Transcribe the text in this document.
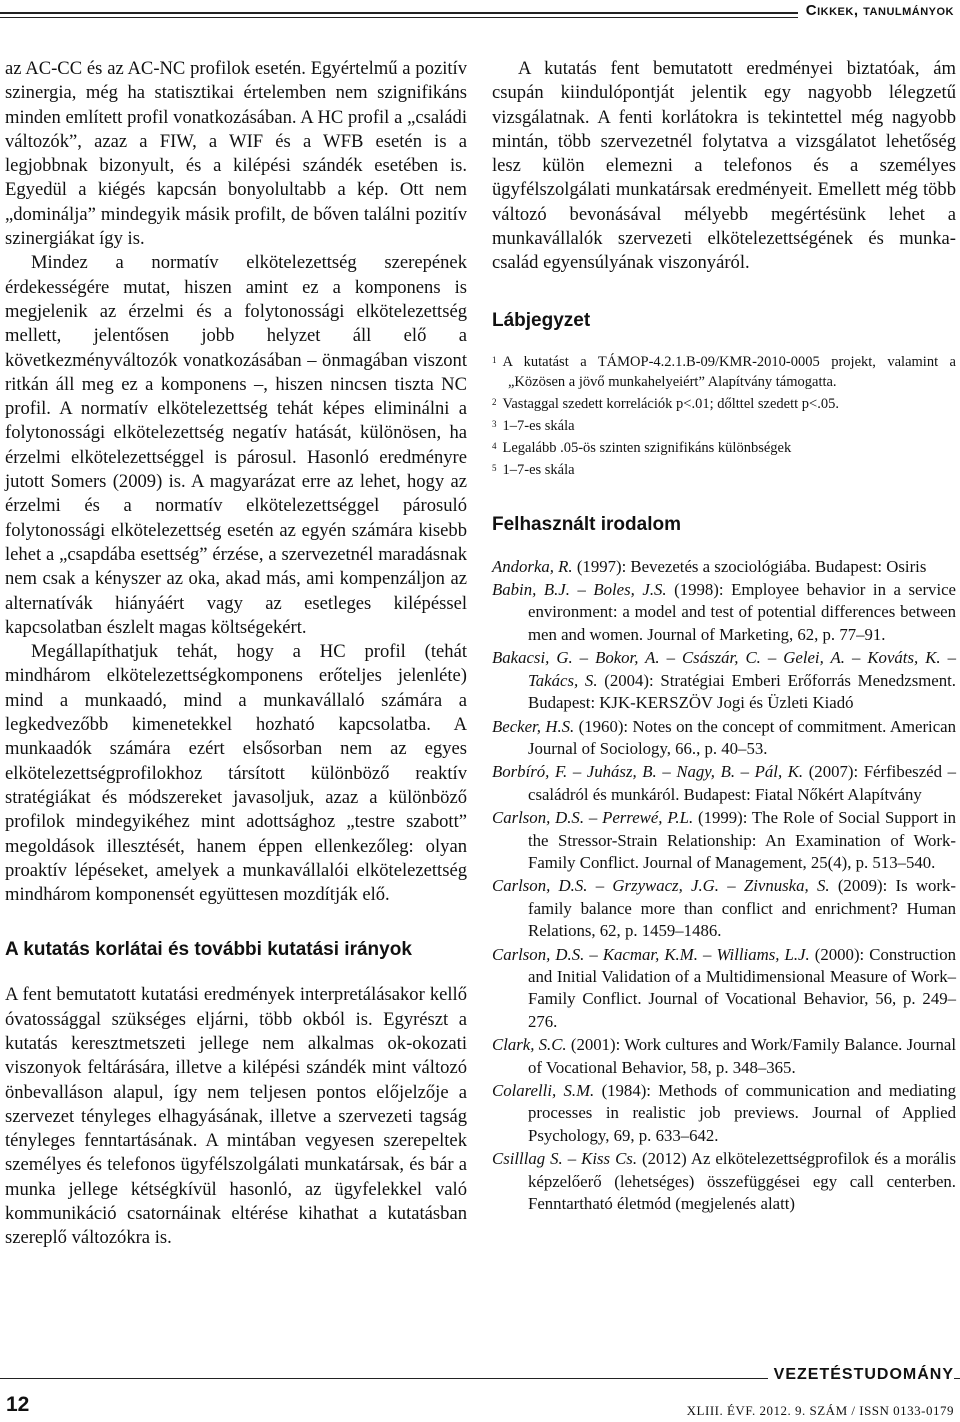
Cikkek, tanulmányok

az AC-CC és az AC-NC profilok esetén. Egyértelmű a pozitív szinergia, még ha statisztikai értelemben nem szignifikáns minden említett profil vonatkozásában. A HC profil a „családi változók”, azaz a FIW, a WIF és a WFB esetén is a legjobbnak bizonyult, és a kilépési szándék esetében is. Egyedül a kiégés kapcsán bonyolultabb a kép. Ott nem „dominálja” mindegyik másik profilt, de bőven találni pozitív szinergiákat így is.

Mindez a normatív elkötelezettség szerepének érdekességére mutat, hiszen amint ez a komponens is megjelenik az érzelmi és a folytonossági elkötelezettség mellett, jelentősen jobb helyzet áll elő a következményváltozók vonatkozásában – önmagában viszont ritkán áll meg ez a komponens –, hiszen nincsen tiszta NC profil. A normatív elkötelezettség tehát képes eliminálni a folytonossági elkötelezettség negatív hatását, különösen, ha érzelmi elkötelezettséggel is párosul. Hasonló eredményre jutott Somers (2009) is. A magyarázat erre az lehet, hogy az érzelmi és a normatív elkötelezettséggel párosuló folytonossági elkötelezettség esetén az egyén számára kisebb lehet a „csapdába esettség” érzése, a szervezetnél maradásnak nem csak a kényszer az oka, akad más, ami kompenzáljon az alternatívák hiányáért vagy az esetleges kilépéssel kapcsolatban észlelt magas költségekért.

Megállapíthatjuk tehát, hogy a HC profil (tehát mindhárom elkötelezettségkomponens erőteljes jelenléte) mind a munkaadó, mind a munkavállaló számára a legkedvezőbb kimenetekkel hozható kapcsolatba. A munkaadók számára ezért elsősorban nem az egyes elkötelezettségprofilokhoz társított különböző reaktív stratégiákat és módszereket javasoljuk, azaz a különböző profilok mindegyikéhez mint adottsághoz „testre szabott” megoldások illesztését, hanem éppen ellenkezőleg: olyan proaktív lépéseket, amelyek a munkavállalói elkötelezettség mindhárom komponensét együttesen mozdítják elő.

A kutatás korlátai és további kutatási irányok

A fent bemutatott kutatási eredmények interpretálásakor kellő óvatossággal szükséges eljárni, több okból is. Egyrészt a kutatás keresztmetszeti jellege nem alkalmas ok-okozati viszonyok feltárására, illetve a kilépési szándék mint változó önbevalláson alapul, így nem teljesen pontos előjelzője a szervezet tényleges elhagyásának, illetve a szervezeti tagság tényleges fenntartásának. A mintában vegyesen szerepeltek személyes és telefonos ügyfélszolgálati munkatársak, és bár a munka jellege kétségkívül hasonló, az ügyfelekkel való kommunikáció csatornáinak eltérése kihathat a kutatásban szereplő változókra is.

A kutatás fent bemutatott eredményei biztatóak, ám csupán kiindulópontját jelentik egy nagyobb lélegzetű vizsgálatnak. A fenti korlátokra is tekintettel még nagyobb mintán, több szervezetnél folytatva a vizsgálatot lehetőség lesz külön elemezni a telefonos és a személyes ügyfélszolgálati munkatársak eredményeit. Emellett még több változó bevonásával mélyebb megértésünk lehet a munkavállalók szervezeti elkötelezettségének és munka-család egyensúlyának viszonyáról.

Lábjegyzet

$^1$ A kutatást a TÁMOP-4.2.1.B-09/KMR-2010-0005 projekt, valamint a „Közösen a jövő munkahelyeiért” Alapítvány támogatta.

$^2$ Vastaggal szedett korrelációk p<.01; dőlttel szedett p<.05.

$^3$ 1–7-es skála

$^4$ Legalább .05-ös szinten szignifikáns különbségek

$^5$ 1–7-es skála

Felhasznált irodalom

Andorka, R. (1997): Bevezetés a szociológiába. Budapest: Osiris

Babin, B.J. – Boles, J.S. (1998): Employee behavior in a service environment: a model and test of potential differences between men and women. Journal of Marketing, 62, p. 77–91.

Bakacsi, G. – Bokor, A. – Császár, C. – Gelei, A. – Kováts, K. – Takács, S. (2004): Stratégiai Emberi Erőforrás Menedzsment. Budapest: KJK-KERSZÖV Jogi és Üzleti Kiadó

Becker, H.S. (1960): Notes on the concept of commitment. American Journal of Sociology, 66., p. 40–53.

Borbíró, F. – Juhász, B. – Nagy, B. – Pál, K. (2007): Férfibeszéd – családról és munkáról. Budapest: Fiatal Nőkért Alapítvány

Carlson, D.S. – Perrewé, P.L. (1999): The Role of Social Support in the Stressor-Strain Relationship: An Examination of Work-Family Conflict. Journal of Management, 25(4), p. 513–540.

Carlson, D.S. – Grzywacz, J.G. – Zivnuska, S. (2009): Is work-family balance more than conflict and enrichment? Human Relations, 62, p. 1459–1486.

Carlson, D.S. – Kacmar, K.M. – Williams, L.J. (2000): Construction and Initial Validation of a Multidimensional Measure of Work–Family Conflict. Journal of Vocational Behavior, 56, p. 249–276.

Clark, S.C. (2001): Work cultures and Work/Family Balance. Journal of Vocational Behavior, 58, p. 348–365.

Colarelli, S.M. (1984): Methods of communication and mediating processes in realistic job previews. Journal of Applied Psychology, 69, p. 633–642.

Csilllag S. – Kiss Cs. (2012) Az elkötelezettségprofilok és a morális képzelőerő (lehetséges) összefüggései egy call centerben. Fenntartható életmód (megjelenés alatt)

12
VEZETÉSTUDOMÁNY
XLIII. ÉVF. 2012. 9. SZÁM / ISSN 0133-0179
